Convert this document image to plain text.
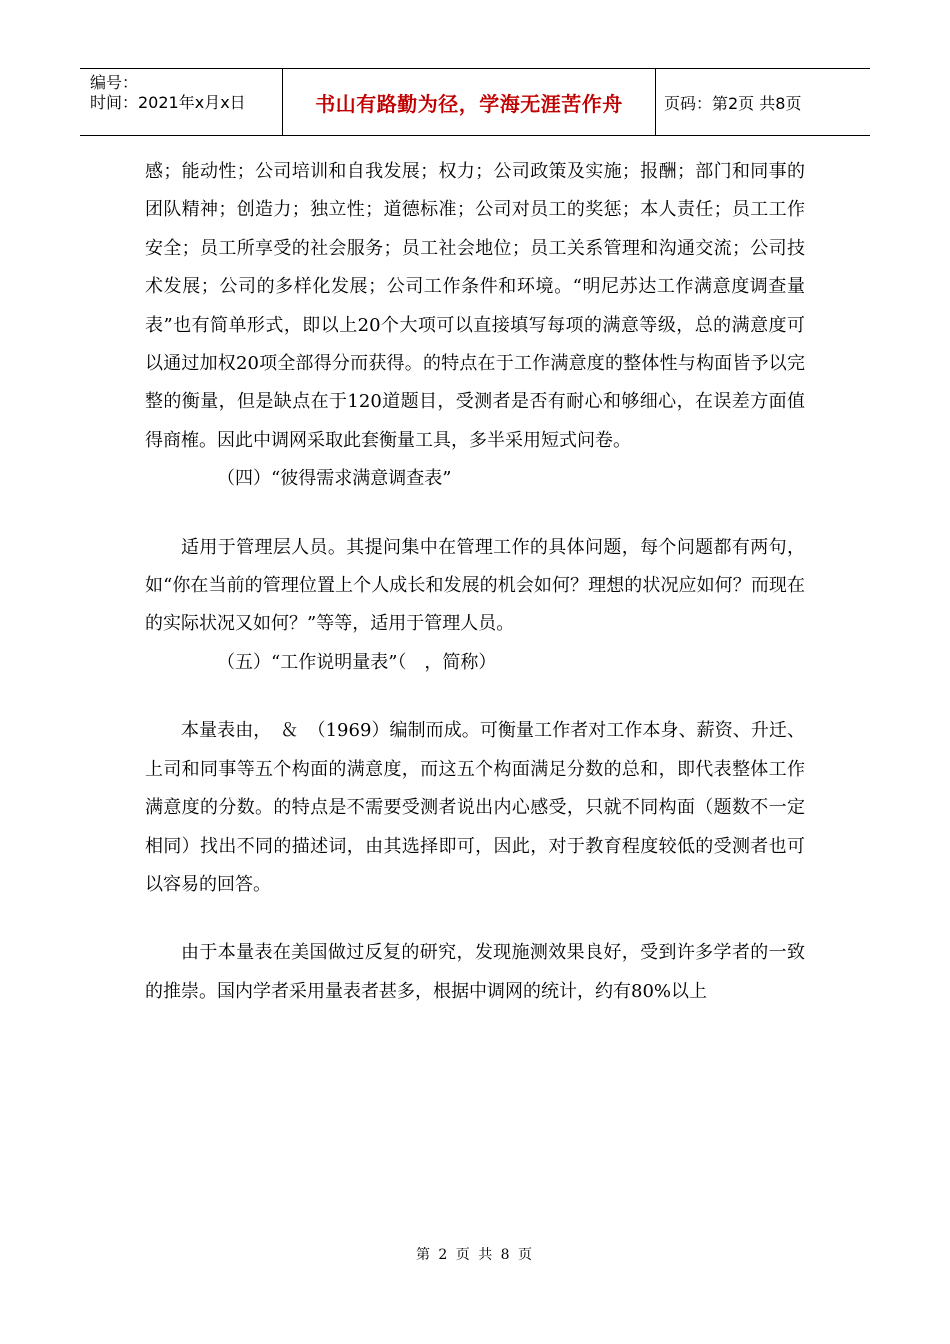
编号：
时间：2021年x月x日	书山有路勤为径，学海无涯苦作舟	页码：第2页 共8页

感；能动性；公司培训和自我发展；权力；公司政策及实施；报酬；部门和同事的团队精神；创造力；独立性；道德标准；公司对员工的奖惩；本人责任；员工工作安全；员工所享受的社会服务；员工社会地位；员工关系管理和沟通交流；公司技术发展；公司的多样化发展；公司工作条件和环境。“明尼苏达工作满意度调查量表”也有简单形式，即以上20个大项可以直接填写每项的满意等级，总的满意度可以通过加权20项全部得分而获得。的特点在于工作满意度的整体性与构面皆予以完整的衡量，但是缺点在于120道题目，受测者是否有耐心和够细心，在误差方面值得商榷。因此中调网采取此套衡量工具，多半采用短式问卷。

（四）“彼得需求满意调查表”

适用于管理层人员。其提问集中在管理工作的具体问题，每个问题都有两句，如“你在当前的管理位置上个人成长和发展的机会如何？理想的状况应如何？而现在的实际状况又如何？”等等，适用于管理人员。

（五）“工作说明量表”（　，简称）

本量表由，　＆　（1969）编制而成。可衡量工作者对工作本身、薪资、升迁、上司和同事等五个构面的满意度，而这五个构面满足分数的总和，即代表整体工作满意度的分数。的特点是不需要受测者说出内心感受，只就不同构面（题数不一定相同）找出不同的描述词，由其选择即可，因此，对于教育程度较低的受测者也可以容易的回答。

由于本量表在美国做过反复的研究，发现施测效果良好，受到许多学者的一致的推崇。国内学者采用量表者甚多，根据中调网的统计，约有80%以上

第 2 页 共 8 页
